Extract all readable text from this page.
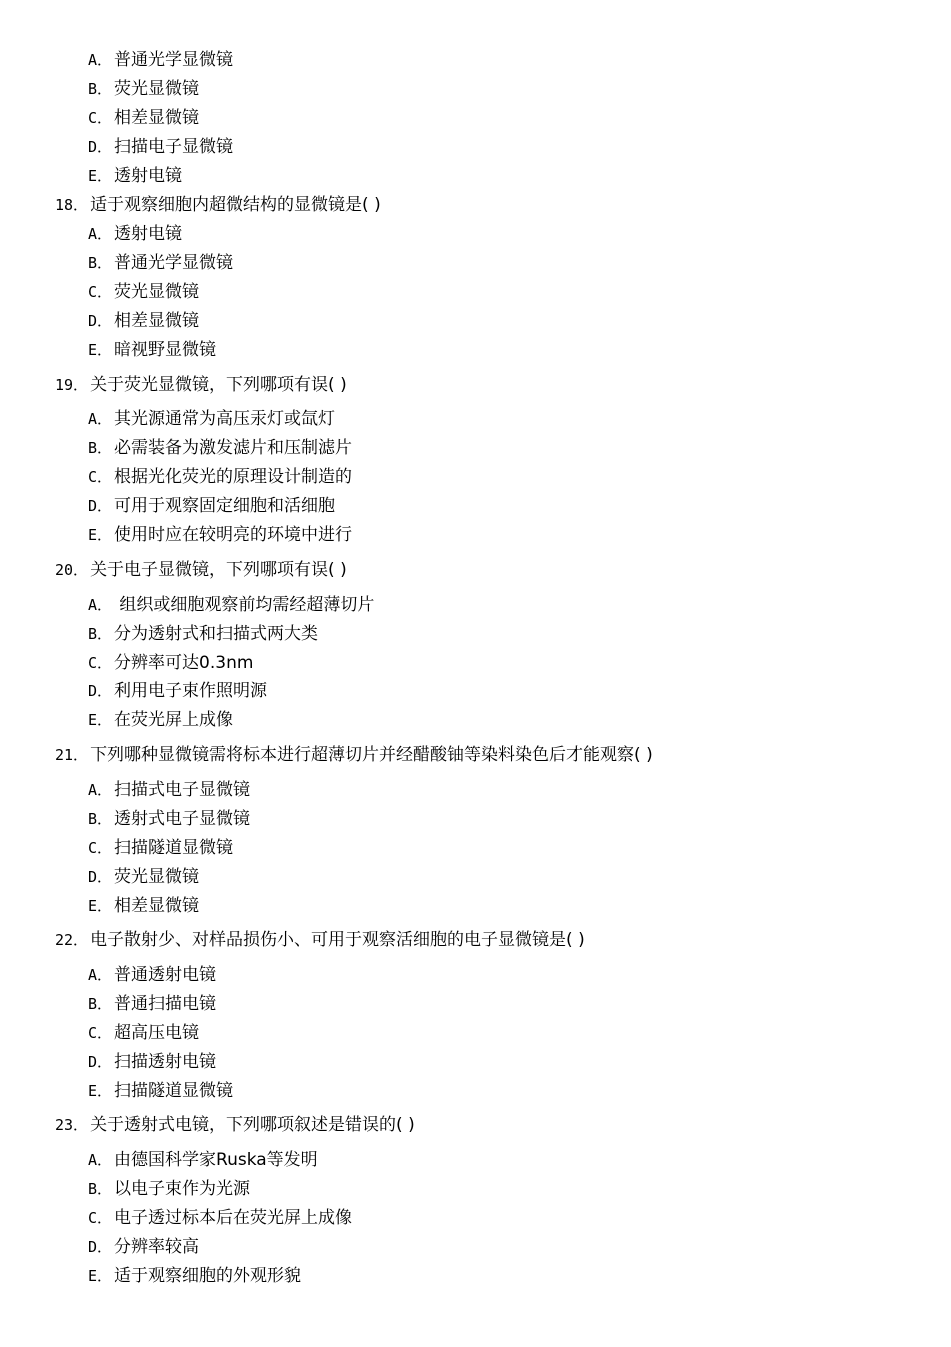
A． 普通光学显微镜
B． 荧光显微镜
C． 相差显微镜
D． 扫描电子显微镜
E． 透射电镜
18． 适于观察细胞内超微结构的显微镜是( )
A． 透射电镜
B． 普通光学显微镜
C． 荧光显微镜
D． 相差显微镜
E． 暗视野显微镜
19． 关于荧光显微镜，下列哪项有误( )
A． 其光源通常为高压汞灯或氙灯
B． 必需装备为激发滤片和压制滤片
C． 根据光化荧光的原理设计制造的
D． 可用于观察固定细胞和活细胞
E． 使用时应在较明亮的环境中进行
20． 关于电子显微镜，下列哪项有误( )
A． 组织或细胞观察前均需经超薄切片
B． 分为透射式和扫描式两大类
C． 分辨率可达0.3nm
D． 利用电子束作照明源
E． 在荧光屏上成像
21． 下列哪种显微镜需将标本进行超薄切片并经醋酸铀等染料染色后才能观察( )
A． 扫描式电子显微镜
B． 透射式电子显微镜
C． 扫描隧道显微镜
D． 荧光显微镜
E． 相差显微镜
22． 电子散射少、对样品损伤小、可用于观察活细胞的电子显微镜是( )
A． 普通透射电镜
B． 普通扫描电镜
C． 超高压电镜
D． 扫描透射电镜
E． 扫描隧道显微镜
23． 关于透射式电镜，下列哪项叙述是错误的( )
A． 由德国科学家Ruska等发明
B． 以电子束作为光源
C． 电子透过标本后在荧光屏上成像
D． 分辨率较高
E． 适于观察细胞的外观形貌
